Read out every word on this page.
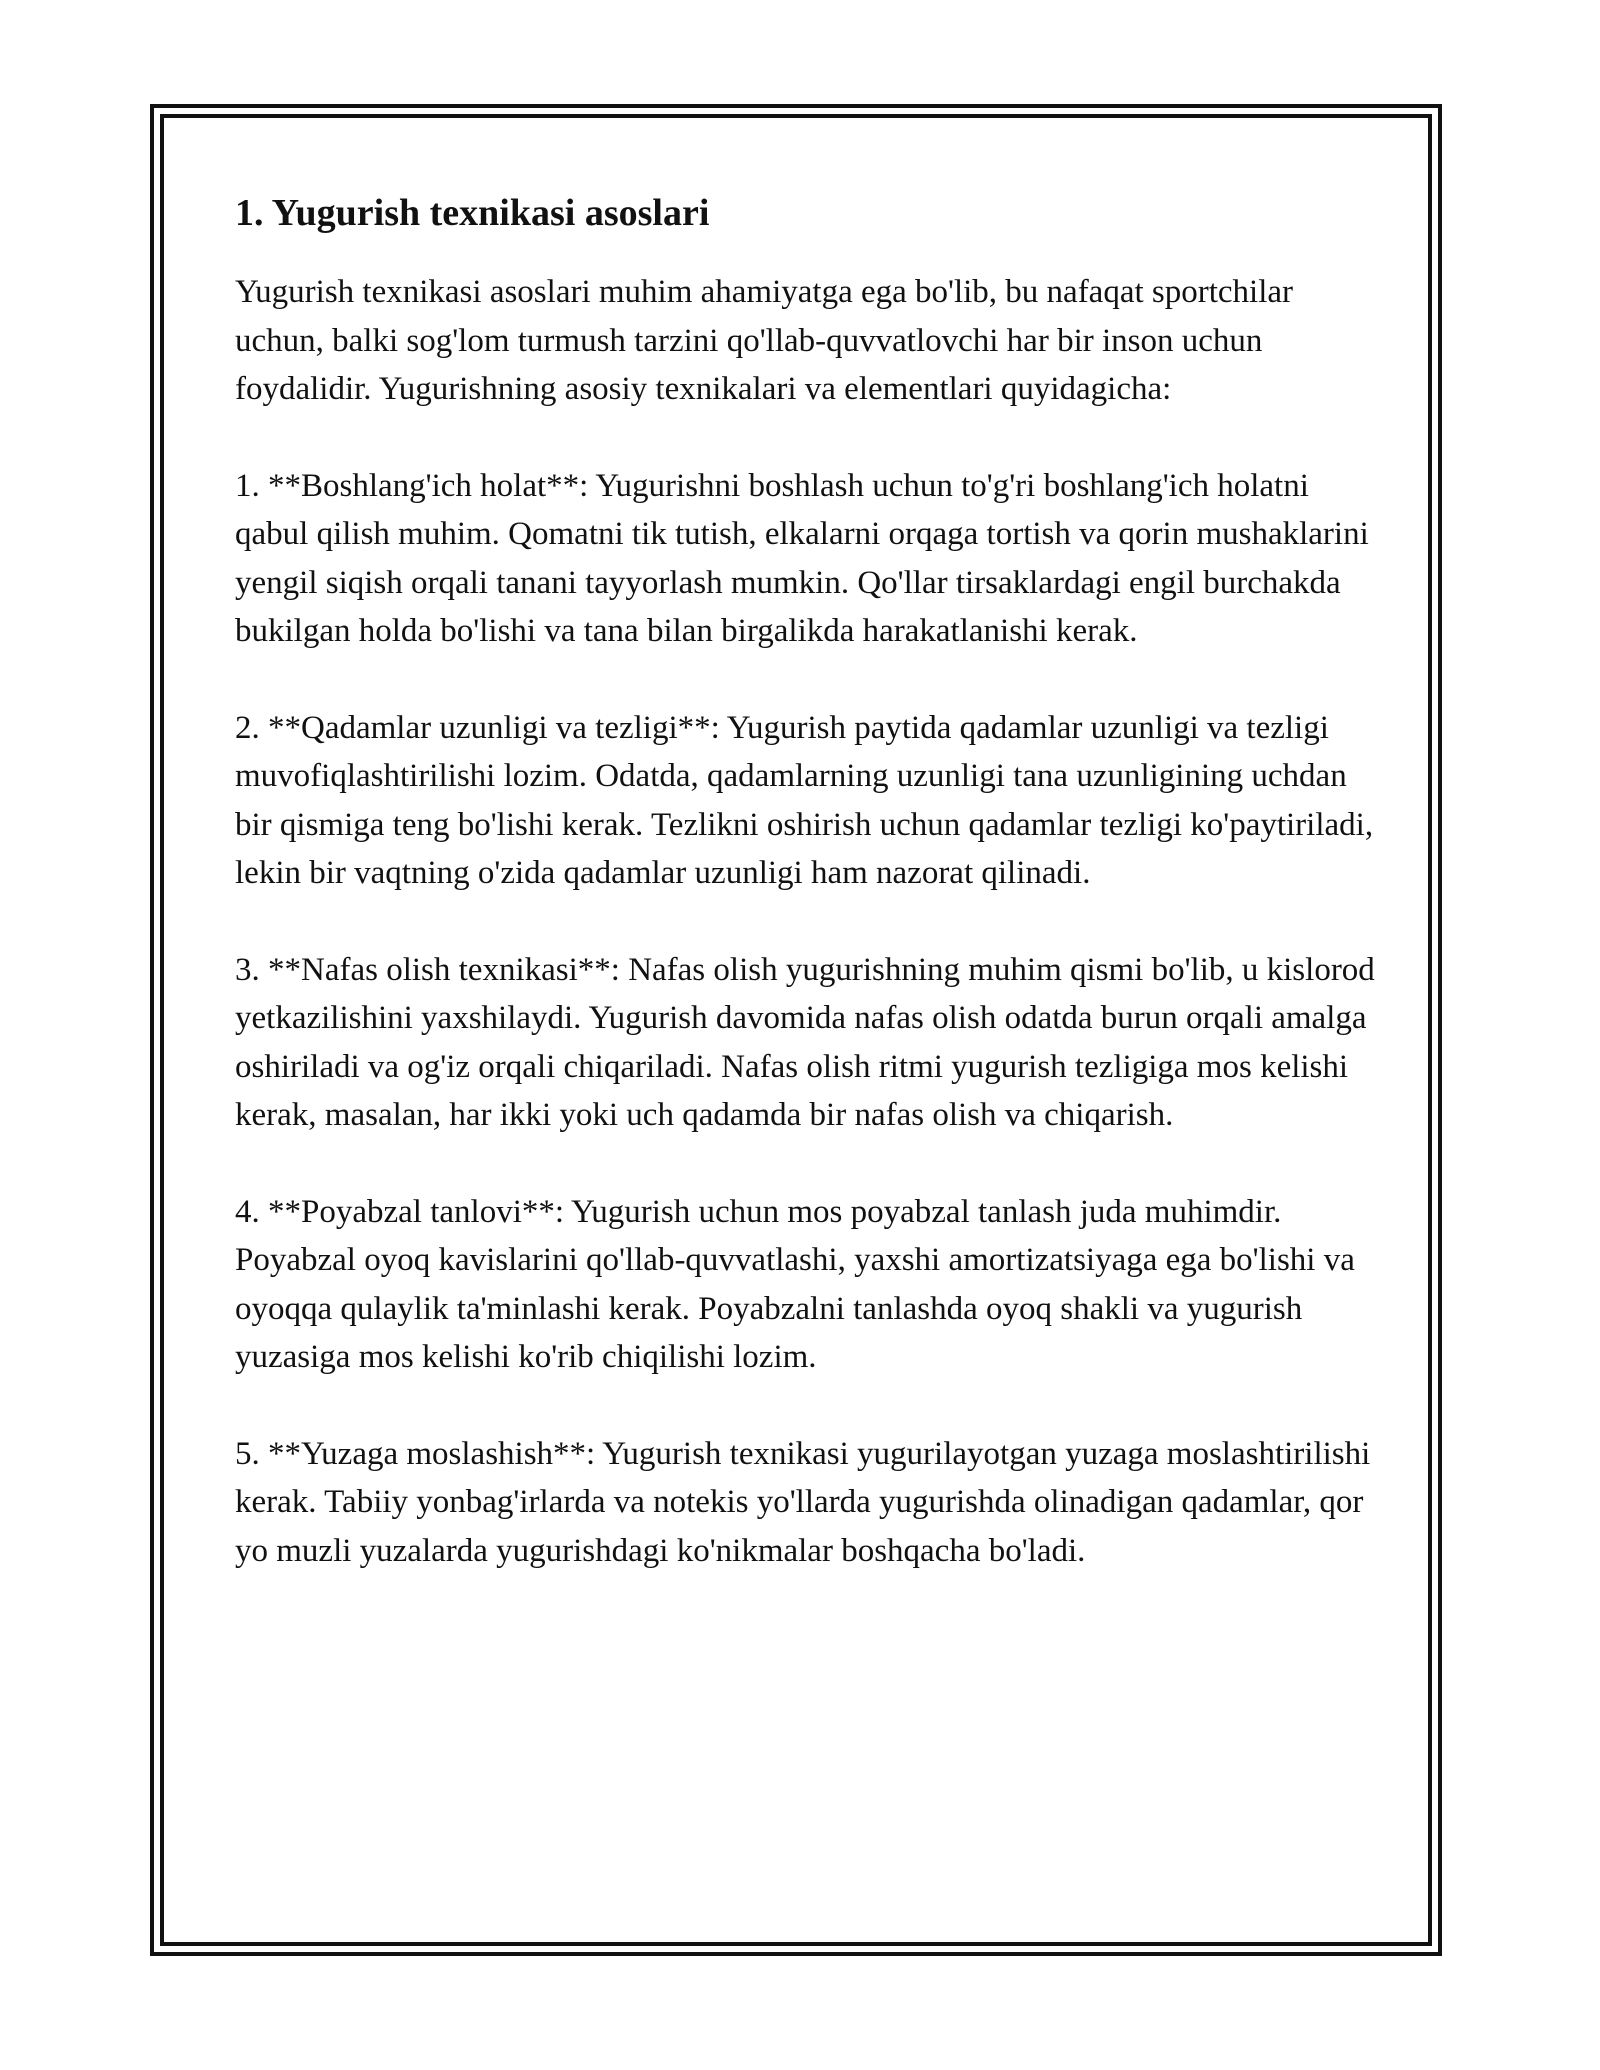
1. Yugurish texnikasi asoslari

Yugurish texnikasi asoslari muhim ahamiyatga ega bo'lib, bu nafaqat sportchilar uchun, balki sog'lom turmush tarzini qo'llab-quvvatlovchi har bir inson uchun foydalidir. Yugurishning asosiy texnikalari va elementlari quyidagicha:

1. **Boshlang'ich holat**: Yugurishni boshlash uchun to'g'ri boshlang'ich holatni qabul qilish muhim. Qomatni tik tutish, elkalarni orqaga tortish va qorin mushaklarini yengil siqish orqali tanani tayyorlash mumkin. Qo'llar tirsaklardagi engil burchakda bukilgan holda bo'lishi va tana bilan birgalikda harakatlanishi kerak.

2. **Qadamlar uzunligi va tezligi**: Yugurish paytida qadamlar uzunligi va tezligi muvofiqlashtirilishi lozim. Odatda, qadamlarning uzunligi tana uzunligining uchdan bir qismiga teng bo'lishi kerak. Tezlikni oshirish uchun qadamlar tezligi ko'paytiriladi, lekin bir vaqtning o'zida qadamlar uzunligi ham nazorat qilinadi.

3. **Nafas olish texnikasi**: Nafas olish yugurishning muhim qismi bo'lib, u kislorod yetkazilishini yaxshilaydi. Yugurish davomida nafas olish odatda burun orqali amalga oshiriladi va og'iz orqali chiqariladi. Nafas olish ritmi yugurish tezligiga mos kelishi kerak, masalan, har ikki yoki uch qadamda bir nafas olish va chiqarish.

4. **Poyabzal tanlovi**: Yugurish uchun mos poyabzal tanlash juda muhimdir. Poyabzal oyoq kavislarini qo'llab-quvvatlashi, yaxshi amortizatsiyaga ega bo'lishi va oyoqqa qulaylik ta'minlashi kerak. Poyabzalni tanlashda oyoq shakli va yugurish yuzasiga mos kelishi ko'rib chiqilishi lozim.

5. **Yuzaga moslashish**: Yugurish texnikasi yugurilayotgan yuzaga moslashtirilishi kerak. Tabiiy yonbag'irlarda va notekis yo'llarda yugurishda olinadigan qadamlar, qor yo muzli yuzalarda yugurishdagi ko'nikmalar boshqacha bo'ladi.
